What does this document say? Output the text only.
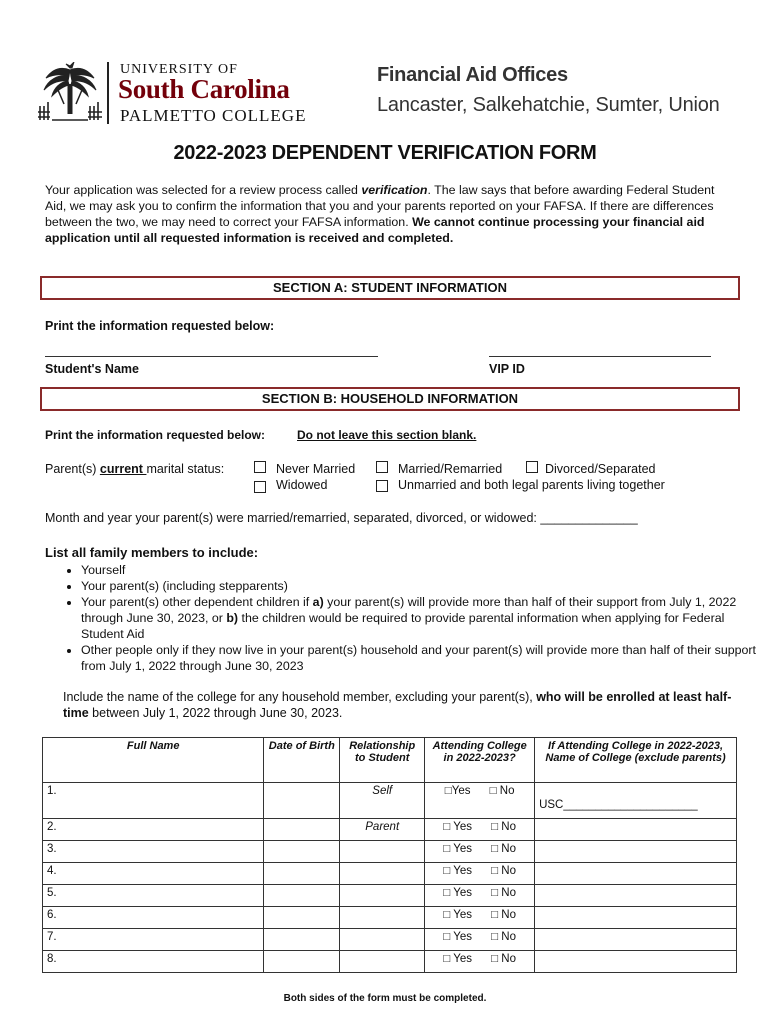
UNIVERSITY OF
South Carolina
PALMETTO COLLEGE
Financial Aid Offices
Lancaster, Salkehatchie, Sumter, Union
2022-2023 DEPENDENT VERIFICATION FORM
Your application was selected for a review process called verification. The law says that before awarding Federal Student Aid, we may ask you to confirm the information that you and your parents reported on your FAFSA. If there are differences between the two, we may need to correct your FAFSA information. We cannot continue processing your financial aid application until all requested information is received and completed.
SECTION A: STUDENT INFORMATION
Print the information requested below:
Student's Name	VIP ID
SECTION B: HOUSEHOLD INFORMATION
Print the information requested below:	Do not leave this section blank.
Parent(s) current marital status:	Never Married	Married/Remarried	Divorced/Separated
Widowed	Unmarried and both legal parents living together
Month and year your parent(s) were married/remarried, separated, divorced, or widowed: ______________
List all family members to include:
• Yourself
• Your parent(s) (including stepparents)
• Your parent(s) other dependent children if a) your parent(s) will provide more than half of their support from July 1, 2022 through June 30, 2023, or b) the children would be required to provide parental information when applying for Federal Student Aid
• Other people only if they now live in your parent(s) household and your parent(s) will provide more than half of their support from July 1, 2022 through June 30, 2023
Include the name of the college for any household member, excluding your parent(s), who will be enrolled at least half-time between July 1, 2022 through June 30, 2023.
Full Name	Date of Birth	Relationship to Student	Attending College in 2022-2023?	If Attending College in 2022-2023, Name of College (exclude parents)
1.		Self	□Yes □ No	USC_____________________
2.		Parent	□ Yes □ No	
3.			□ Yes □ No	
4.			□ Yes □ No	
5.			□ Yes □ No	
6.			□ Yes □ No	
7.			□ Yes □ No	
8.			□ Yes □ No	
Both sides of the form must be completed.
